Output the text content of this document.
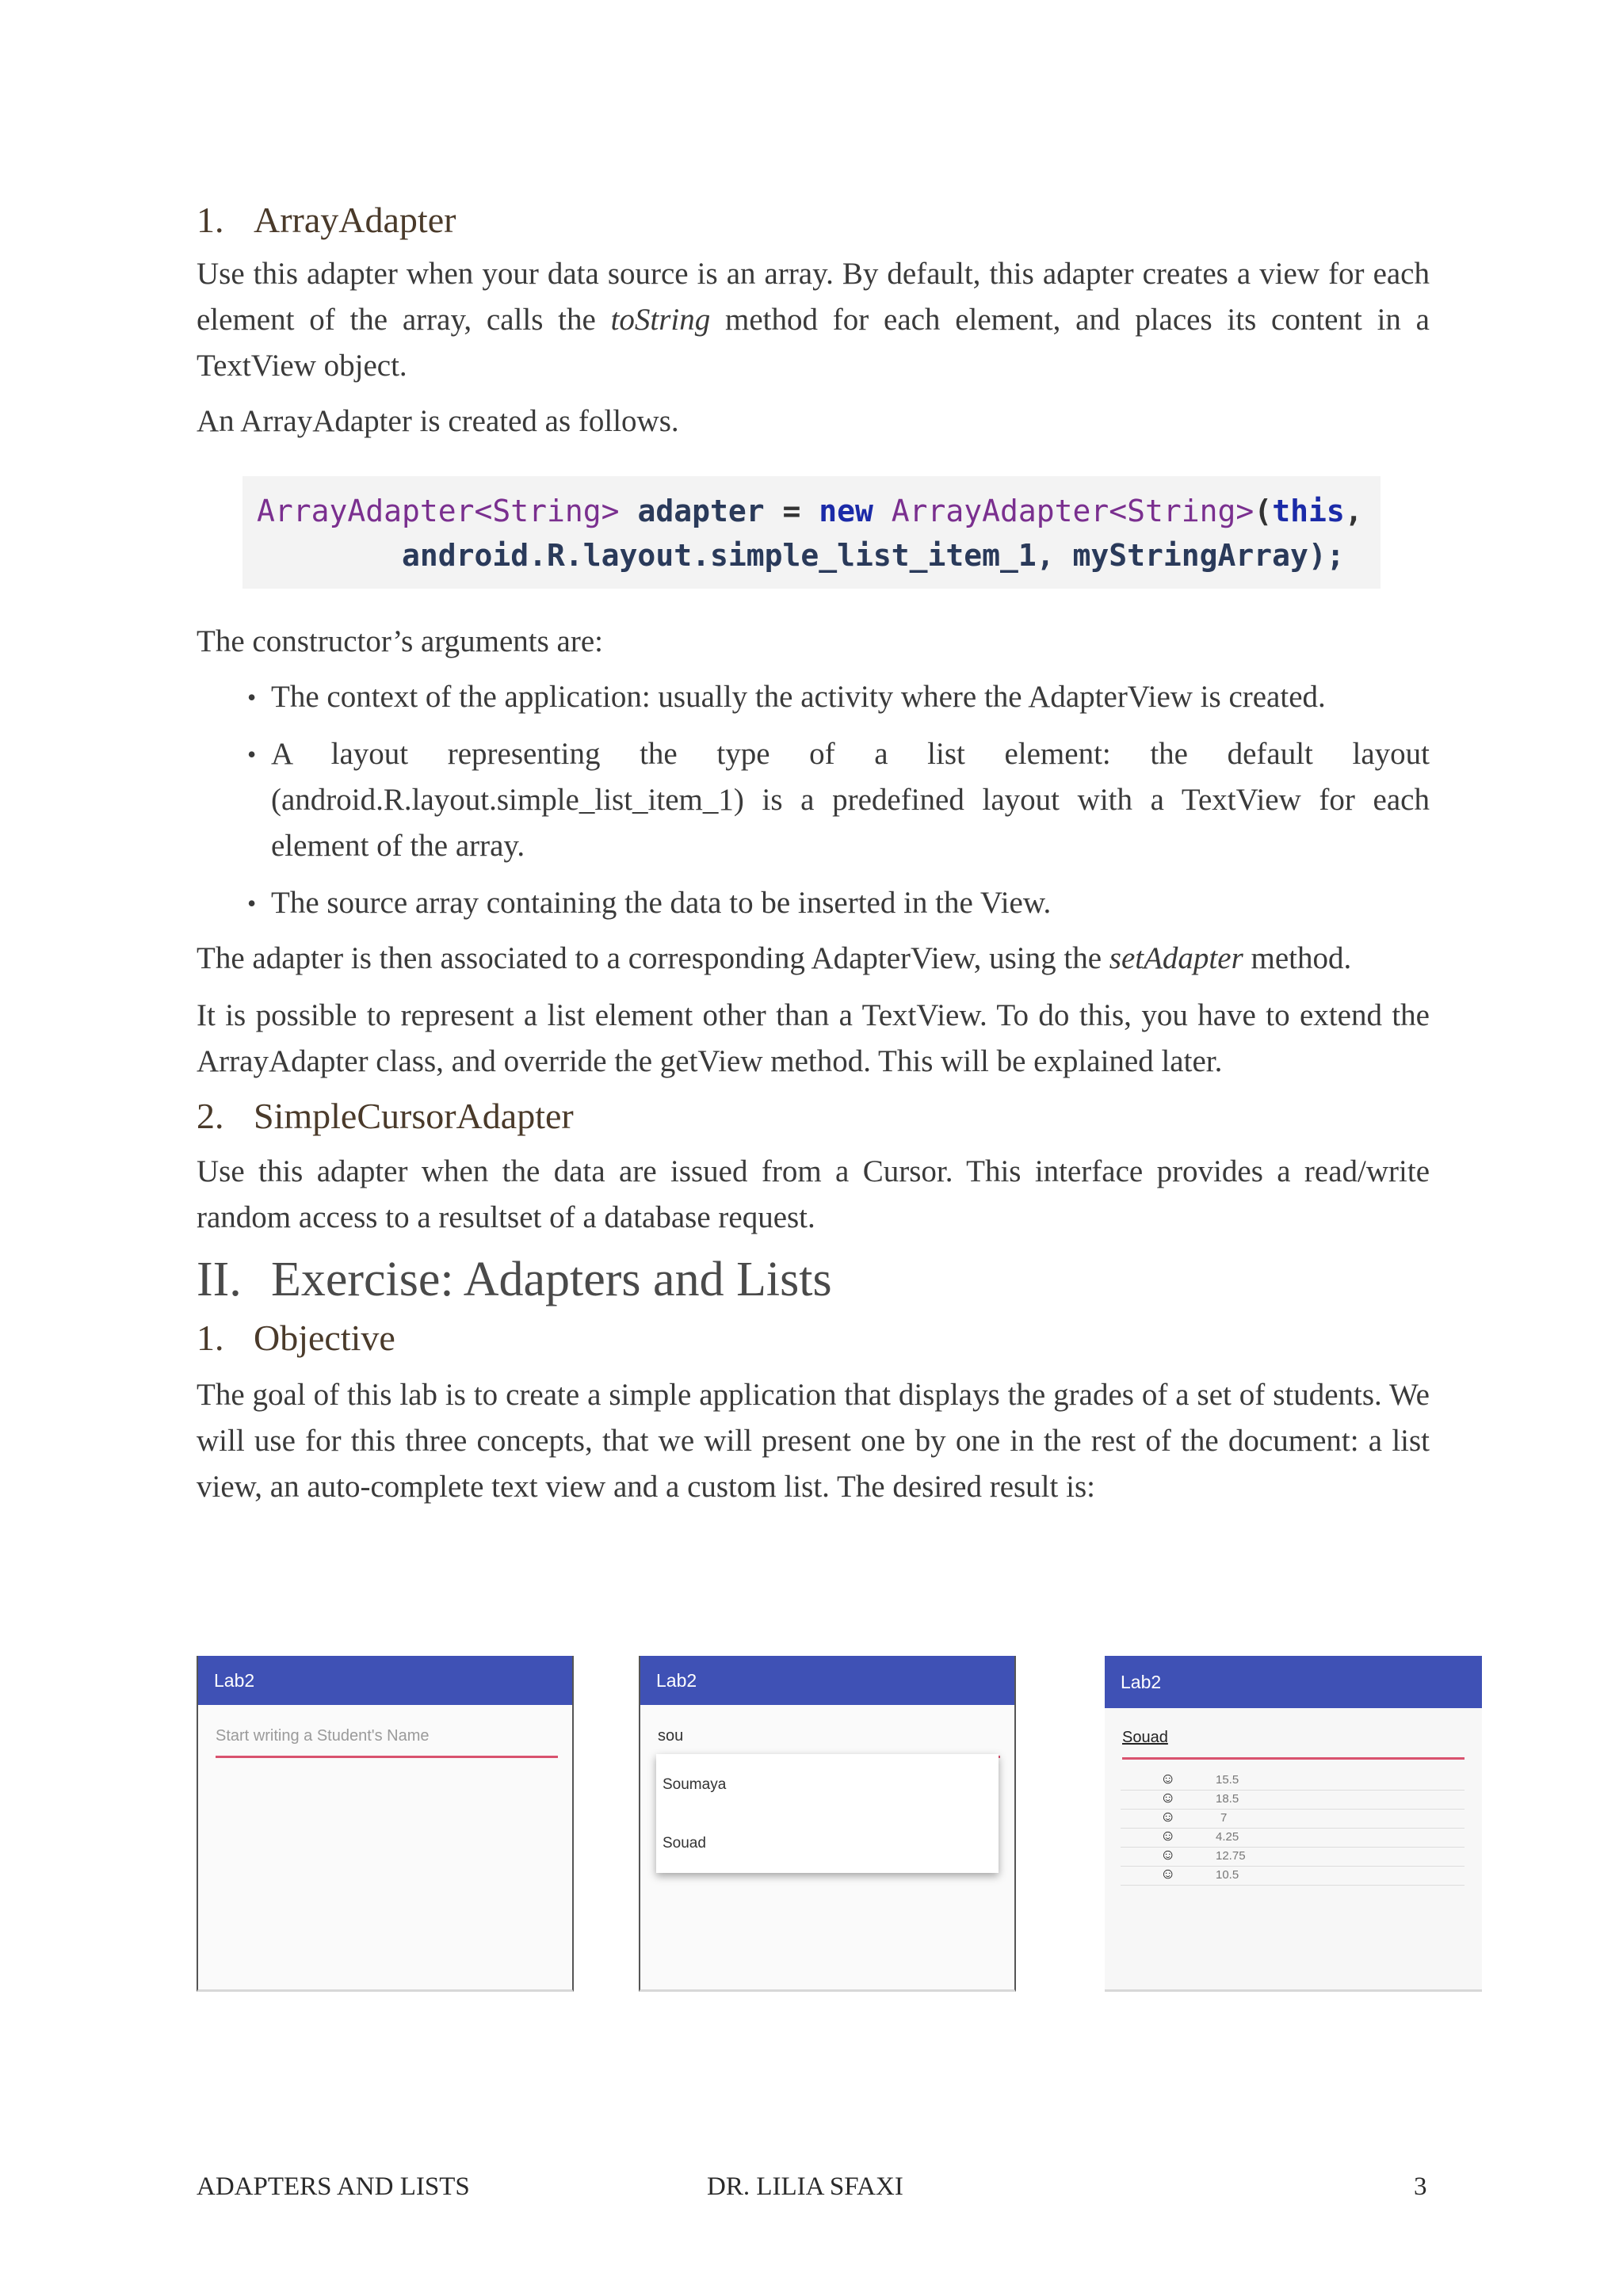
1. ArrayAdapter

Use this adapter when your data source is an array. By default, this adapter creates a view for each element of the array, calls the toString method for each element, and places its content in a TextView object.

An ArrayAdapter is created as follows.

ArrayAdapter<String> adapter = new ArrayAdapter<String>(this,
android.R.layout.simple_list_item_1, myStringArray);

The constructor’s arguments are:

• The context of the application: usually the activity where the AdapterView is created.
• A layout representing the type of a list element: the default layout (android.R.layout.simple_list_item_1) is a predefined layout with a TextView for each element of the array.
• The source array containing the data to be inserted in the View.

The adapter is then associated to a corresponding AdapterView, using the setAdapter method.

It is possible to represent a list element other than a TextView. To do this, you have to extend the ArrayAdapter class, and override the getView method. This will be explained later.

2. SimpleCursorAdapter

Use this adapter when the data are issued from a Cursor. This interface provides a read/write random access to a resultset of a database request.

II. Exercise: Adapters and Lists
1. Objective

The goal of this lab is to create a simple application that displays the grades of a set of students. We will use for this three concepts, that we will present one by one in the rest of the document: a list view, an auto-complete text view and a custom list. The desired result is:

Lab2
Start writing a Student's Name
Lab2
sou
Soumaya
Souad
Lab2
Souad
☺	15.5
☺	18.5
☺	7
☺	4.25
☺	12.75
☺	10.5
ADAPTERS AND LISTS	DR. LILIA SFAXI	3
